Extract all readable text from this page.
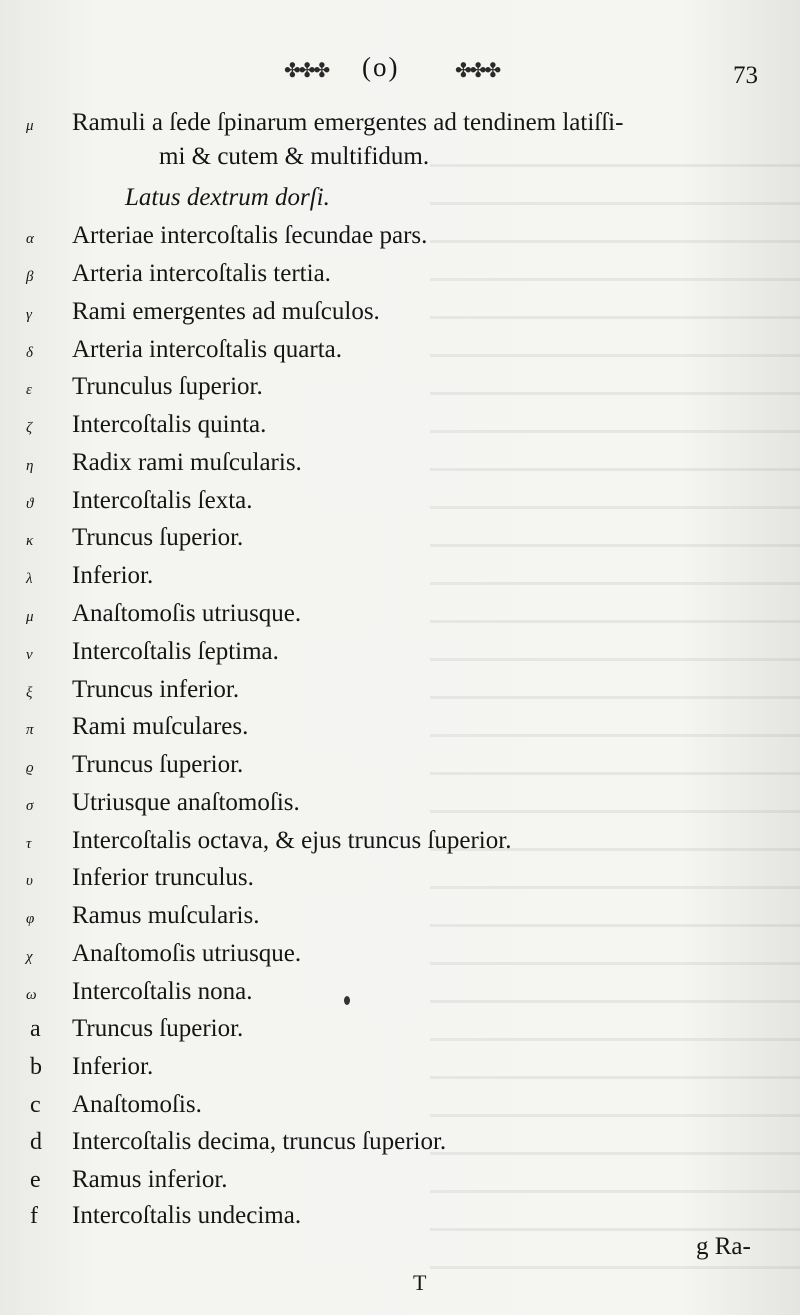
✤✤✤	(o)	✤✤✤	73
μ	Ramuli a ſede ſpinarum emergentes ad tendinem latiſſi-
mi & cutem & multifidum.
Latus dextrum dorſi.
α	Arteriae intercoſtalis ſecundae pars.
β	Arteria intercoſtalis tertia.
γ	Rami emergentes ad muſculos.
δ	Arteria intercoſtalis quarta.
ε	Trunculus ſuperior.
ζ	Intercoſtalis quinta.
η	Radix rami muſcularis.
ϑ	Intercoſtalis ſexta.
κ	Truncus ſuperior.
λ	Inferior.
μ	Anaſtomoſis utriusque.
ν	Intercoſtalis ſeptima.
ξ	Truncus inferior.
π	Rami muſculares.
ϱ	Truncus ſuperior.
σ	Utriusque anaſtomoſis.
τ	Intercoſtalis octava, & ejus truncus ſuperior.
υ	Inferior trunculus.
φ	Ramus muſcularis.
χ	Anaſtomoſis utriusque.
ω	Intercoſtalis nona.
a	Truncus ſuperior.
b	Inferior.
c	Anaſtomoſis.
d	Intercoſtalis decima, truncus ſuperior.
e	Ramus inferior.
f	Intercoſtalis undecima.
g Ra-
T
